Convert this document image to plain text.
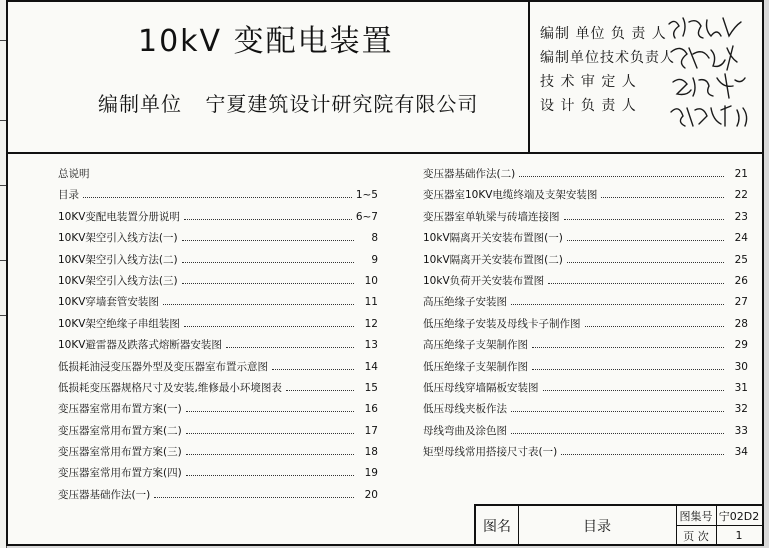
10kV 变配电装置
编制单位 宁夏建筑设计研究院有限公司
编制 单位 负 责 人
编制单位技术负责人
技 术 审 定 人
设 计 负 责 人
总说明
目录	1~5
10KV变配电装置分册说明	6~7
10KV架空引入线方法(一)	8
10KV架空引入线方法(二)	9
10KV架空引入线方法(三)	10
10KV穿墙套管安装图	11
10KV架空绝缘子串组装图	12
10KV避雷器及跌落式熔断器安装图	13
低损耗油浸变压器外型及变压器室布置示意图	14
低损耗变压器规格尺寸及安装,维修最小环境图表	15
变压器室常用布置方案(一)	16
变压器室常用布置方案(二)	17
变压器室常用布置方案(三)	18
变压器室常用布置方案(四)	19
变压器基础作法(一)	20
变压器基础作法(二)	21
变压器室10KV电缆终端及支架安装图	22
变压器室单轨梁与砖墙连接图	23
10kV隔离开关安装布置图(一)	24
10kV隔离开关安装布置图(二)	25
10kV负荷开关安装布置图	26
高压绝缘子安装图	27
低压绝缘子安装及母线卡子制作图	28
高压绝缘子支架制作图	29
低压绝缘子支架制作图	30
低压母线穿墙隔板安装图	31
低压母线夹板作法	32
母线弯曲及涂色图	33
矩型母线常用搭接尺寸表(一)	34
图名	目录
图集号 宁02D2
页 次	1
